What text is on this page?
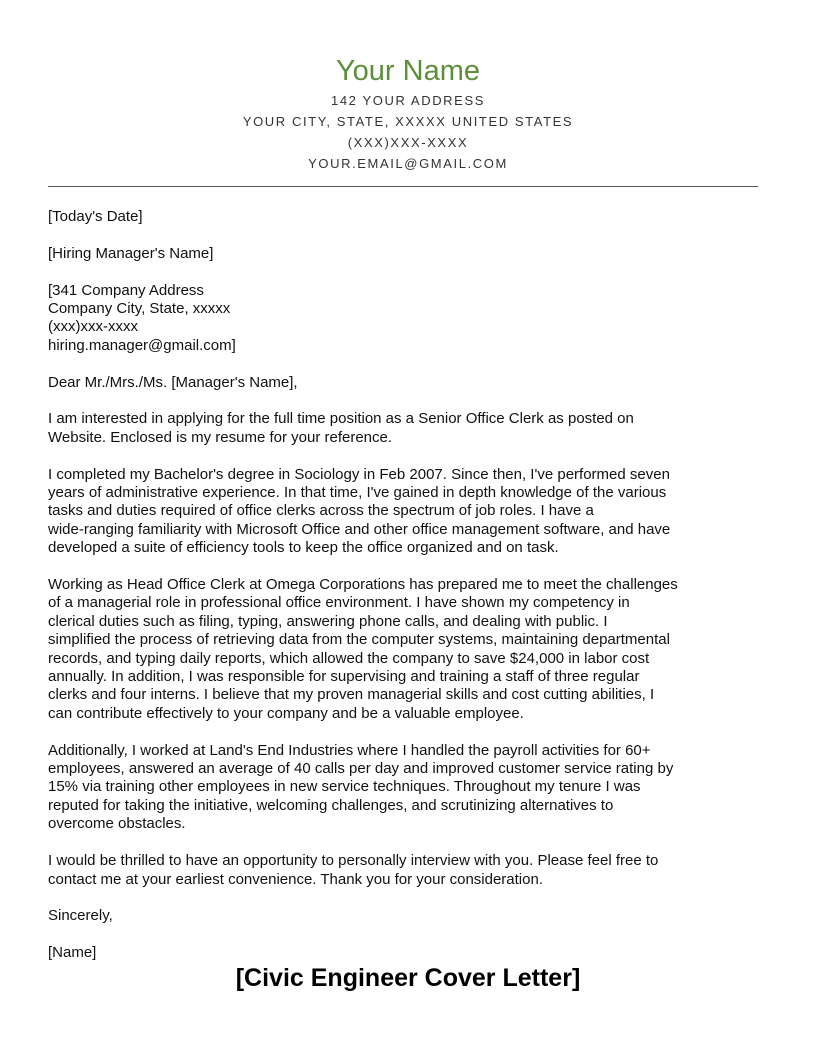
Your Name
142 YOUR ADDRESS
YOUR CITY, STATE, XXXXX UNITED STATES
(XXX)XXX-XXXX
YOUR.EMAIL@GMAIL.COM
[Today's Date]
[Hiring Manager's Name]
[341 Company Address
Company City, State, xxxxx
(xxx)xxx-xxxx
hiring.manager@gmail.com]
Dear Mr./Mrs./Ms. [Manager's Name],
I am interested in applying for the full time position as a Senior Office Clerk as posted on
Website. Enclosed is my resume for your reference.
I completed my Bachelor's degree in Sociology in Feb 2007. Since then, I've performed seven
years of administrative experience. In that time, I've gained in depth knowledge of the various
tasks and duties required of office clerks across the spectrum of job roles. I have a
wide-ranging familiarity with Microsoft Office and other office management software, and have
developed a suite of efficiency tools to keep the office organized and on task.
Working as Head Office Clerk at Omega Corporations has prepared me to meet the challenges
of a managerial role in professional office environment. I have shown my competency in
clerical duties such as filing, typing, answering phone calls, and dealing with public. I
simplified the process of retrieving data from the computer systems, maintaining departmental
records, and typing daily reports, which allowed the company to save $24,000 in labor cost
annually. In addition, I was responsible for supervising and training a staff of three regular
clerks and four interns. I believe that my proven managerial skills and cost cutting abilities, I
can contribute effectively to your company and be a valuable employee.
Additionally, I worked at Land's End Industries where I handled the payroll activities for 60+
employees, answered an average of 40 calls per day and improved customer service rating by
15% via training other employees in new service techniques. Throughout my tenure I was
reputed for taking the initiative, welcoming challenges, and scrutinizing alternatives to
overcome obstacles.
I would be thrilled to have an opportunity to personally interview with you. Please feel free to
contact me at your earliest convenience. Thank you for your consideration.
Sincerely,
[Name]
[Civic Engineer Cover Letter]
